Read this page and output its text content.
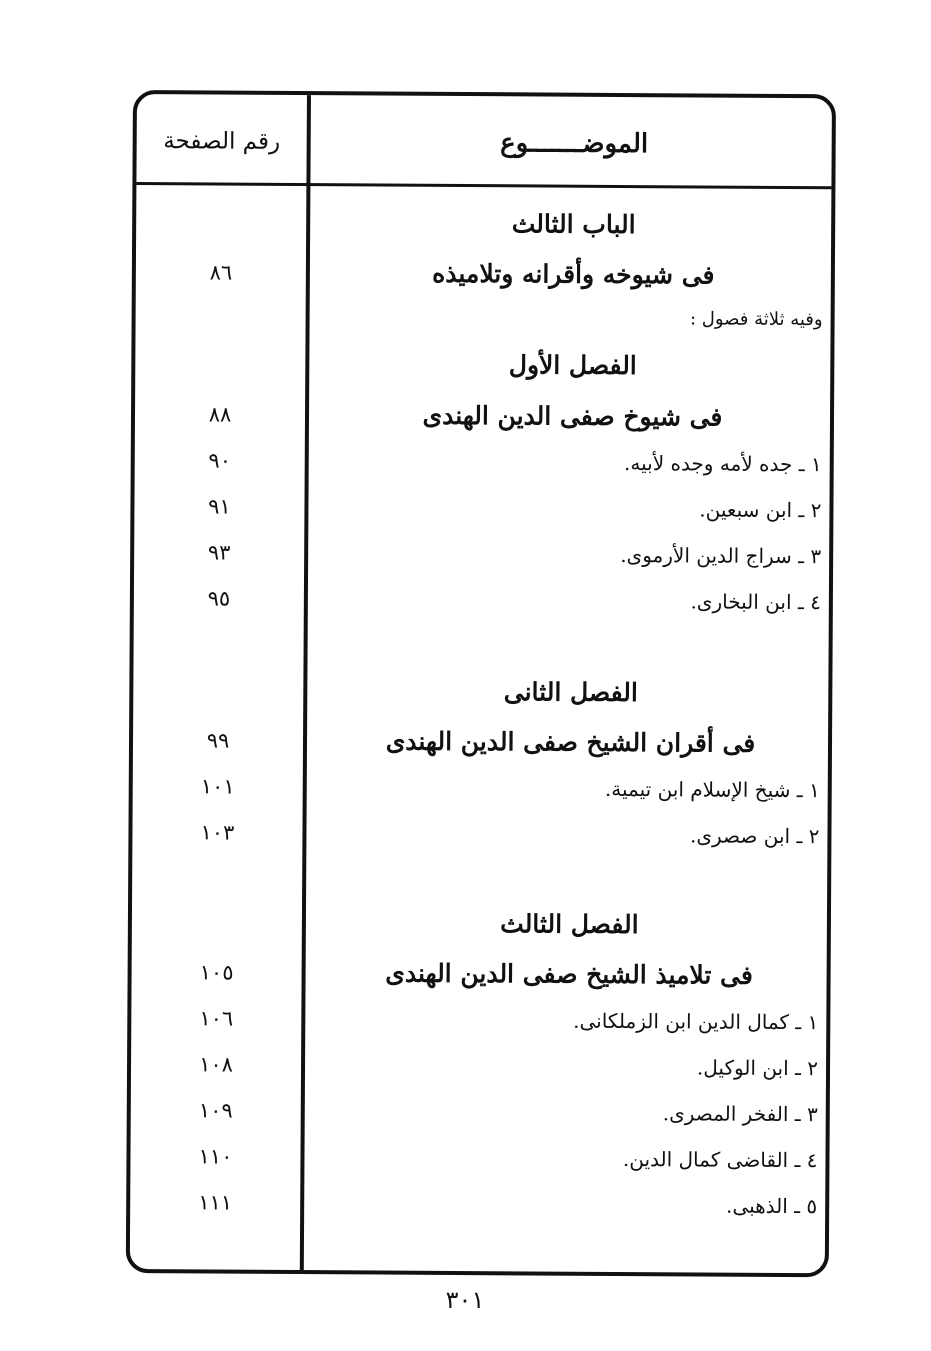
الموضـــــــوع
رقم الصفحة
الباب الثالث
فى شيوخه وأقرانه وتلاميذه
٨٦
وفيه ثلاثة فصول :
الفصل الأول
فى شيوخ صفى الدين الهندى
٨٨
١ ـ جده لأمه وجده لأبيه.
٩٠
٢ ـ ابن سبعين.
٩١
٣ ـ سراج الدين الأرموى.
٩٣
٤ ـ ابن البخارى.
٩٥
الفصل الثانى
فى أقران الشيخ صفى الدين الهندى
٩٩
١ ـ شيخ الإسلام ابن تيمية.
١٠١
٢ ـ ابن صصرى.
١٠٣
الفصل الثالث
فى تلاميذ الشيخ صفى الدين الهندى
١٠٥
١ ـ كمال الدين ابن الزملكانى.
١٠٦
٢ ـ ابن الوكيل.
١٠٨
٣ ـ الفخر المصرى.
١٠٩
٤ ـ القاضى كمال الدين.
١١٠
٥ ـ الذهبى.
١١١
٣٠١
